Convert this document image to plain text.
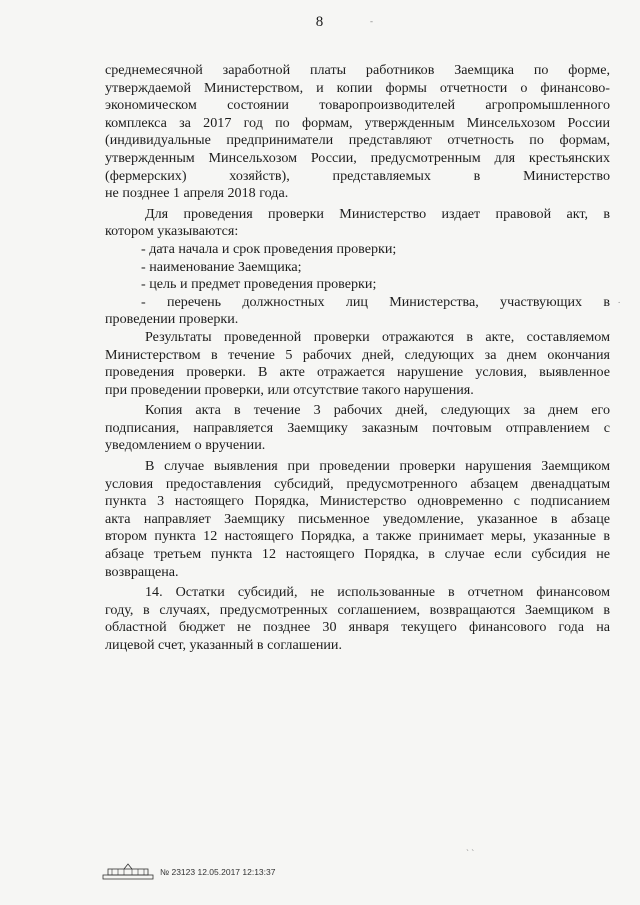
8
среднемесячной заработной платы работников Заемщика по форме,
утверждаемой Министерством, и копии формы отчетности о финансово-
экономическом состоянии товаропроизводителей агропромышленного
комплекса за 2017 год по формам, утвержденным Минсельхозом России
(индивидуальные предприниматели представляют отчетность по формам,
утвержденным Минсельхозом России, предусмотренным для крестьянских
(фермерских) хозяйств), представляемых в Министерство
не позднее 1 апреля 2018 года.
Для проведения проверки Министерство издает правовой акт, в
котором указываются:
- дата начала и срок проведения проверки;
- наименование Заемщика;
- цель и предмет проведения проверки;
- перечень должностных лиц Министерства, участвующих в
проведении проверки.
Результаты проведенной проверки отражаются в акте, составляемом
Министерством в течение 5 рабочих дней, следующих за днем окончания
проведения проверки. В акте отражается нарушение условия, выявленное
при проведении проверки, или отсутствие такого нарушения.
Копия акта в течение 3 рабочих дней, следующих за днем его
подписания, направляется Заемщику заказным почтовым отправлением с
уведомлением о вручении.
В случае выявления при проведении проверки нарушения Заемщиком
условия предоставления субсидий, предусмотренного абзацем двенадцатым
пункта 3 настоящего Порядка, Министерство одновременно с подписанием
акта направляет Заемщику письменное уведомление, указанное в абзаце
втором пункта 12 настоящего Порядка, а также принимает меры, указанные в
абзаце третьем пункта 12 настоящего Порядка, в случае если субсидия не
возвращена.
14. Остатки субсидий, не использованные в отчетном финансовом
году, в случаях, предусмотренных соглашением, возвращаются Заемщиком в
областной бюджет не позднее 30 января текущего финансового года на
лицевой счет, указанный в соглашении.
-
.
ˋ ˋ
№ 23123 12.05.2017 12:13:37
